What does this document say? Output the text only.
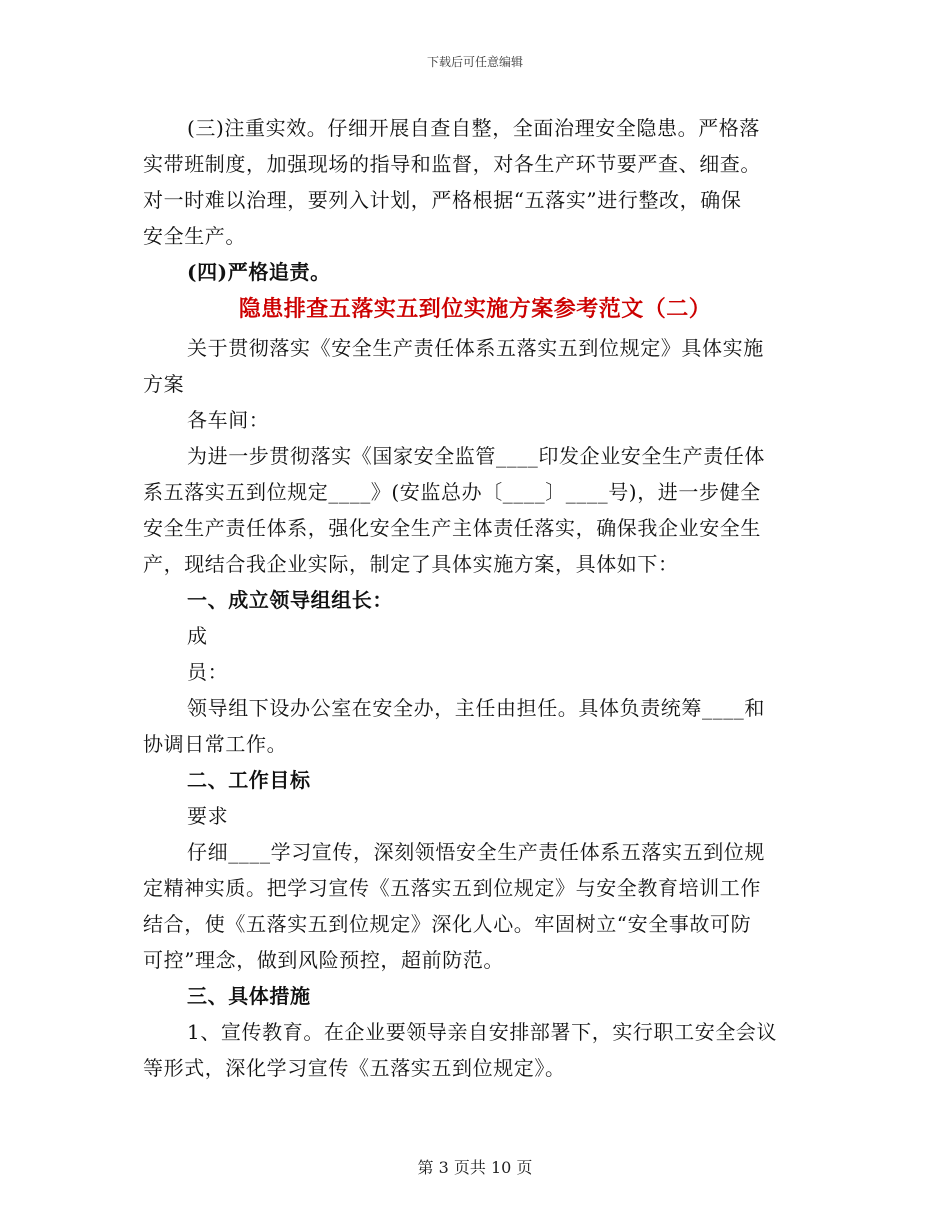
下载后可任意编辑
(三)注重实效。仔细开展自查自整，全面治理安全隐患。严格落
实带班制度，加强现场的指导和监督，对各生产环节要严查、细查。
对一时难以治理，要列入计划，严格根据“五落实”进行整改，确保
安全生产。
(四)严格追责。
隐患排查五落实五到位实施方案参考范文（二）
关于贯彻落实《安全生产责任体系五落实五到位规定》具体实施
方案
各车间：
为进一步贯彻落实《国家安全监管____印发企业安全生产责任体
系五落实五到位规定____》(安监总办〔____〕____号)，进一步健全
安全生产责任体系，强化安全生产主体责任落实，确保我企业安全生
产，现结合我企业实际，制定了具体实施方案，具体如下：
一、成立领导组组长：
成
员：
领导组下设办公室在安全办，主任由担任。具体负责统筹____和
协调日常工作。
二、工作目标
要求
仔细____学习宣传，深刻领悟安全生产责任体系五落实五到位规
定精神实质。把学习宣传《五落实五到位规定》与安全教育培训工作
结合，使《五落实五到位规定》深化人心。牢固树立“安全事故可防
可控”理念，做到风险预控，超前防范。
三、具体措施
1、宣传教育。在企业要领导亲自安排部署下，实行职工安全会议
等形式，深化学习宣传《五落实五到位规定》。
第 3 页共 10 页
